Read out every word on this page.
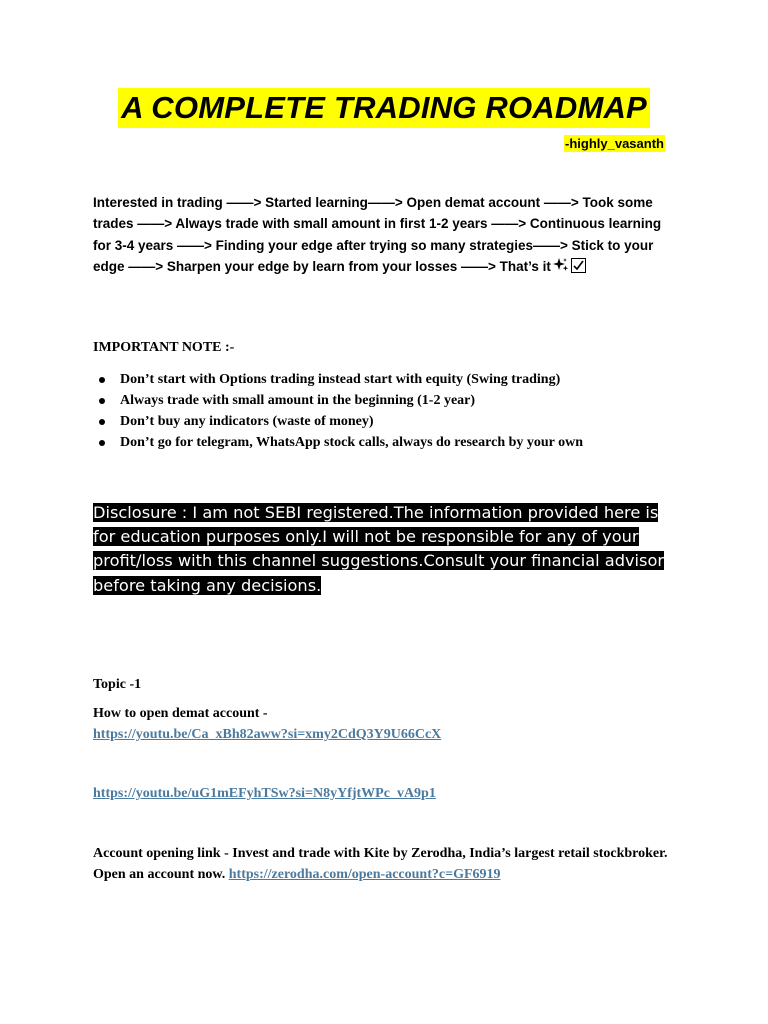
A COMPLETE TRADING ROADMAP
-highly_vasanth
Interested in trading ——> Started learning——> Open demat account ——> Took some trades ——> Always trade with small amount in first 1-2 years ——> Continuous learning for 3-4 years ——> Finding your edge after trying so many strategies——> Stick to your edge ——> Sharpen your edge by learn from your losses ——> That’s it
IMPORTANT NOTE :-
Don’t start with Options trading instead start with equity (Swing trading)
Always trade with small amount in the beginning (1-2 year)
Don’t buy any indicators (waste of money)
Don’t go for telegram, WhatsApp stock calls, always do research by your own
Disclosure : I am not SEBI registered.The information provided here is for education purposes only.I will not be responsible for any of your profit/loss with this channel suggestions.Consult your financial advisor before taking any decisions.
Topic -1
How to open demat account -
https://youtu.be/Ca_xBh82aww?si=xmy2CdQ3Y9U66CcX
https://youtu.be/uG1mEFyhTSw?si=N8yYfjtWPc_vA9p1
Account opening link - Invest and trade with Kite by Zerodha, India’s largest retail stockbroker. Open an account now. https://zerodha.com/open-account?c=GF6919
